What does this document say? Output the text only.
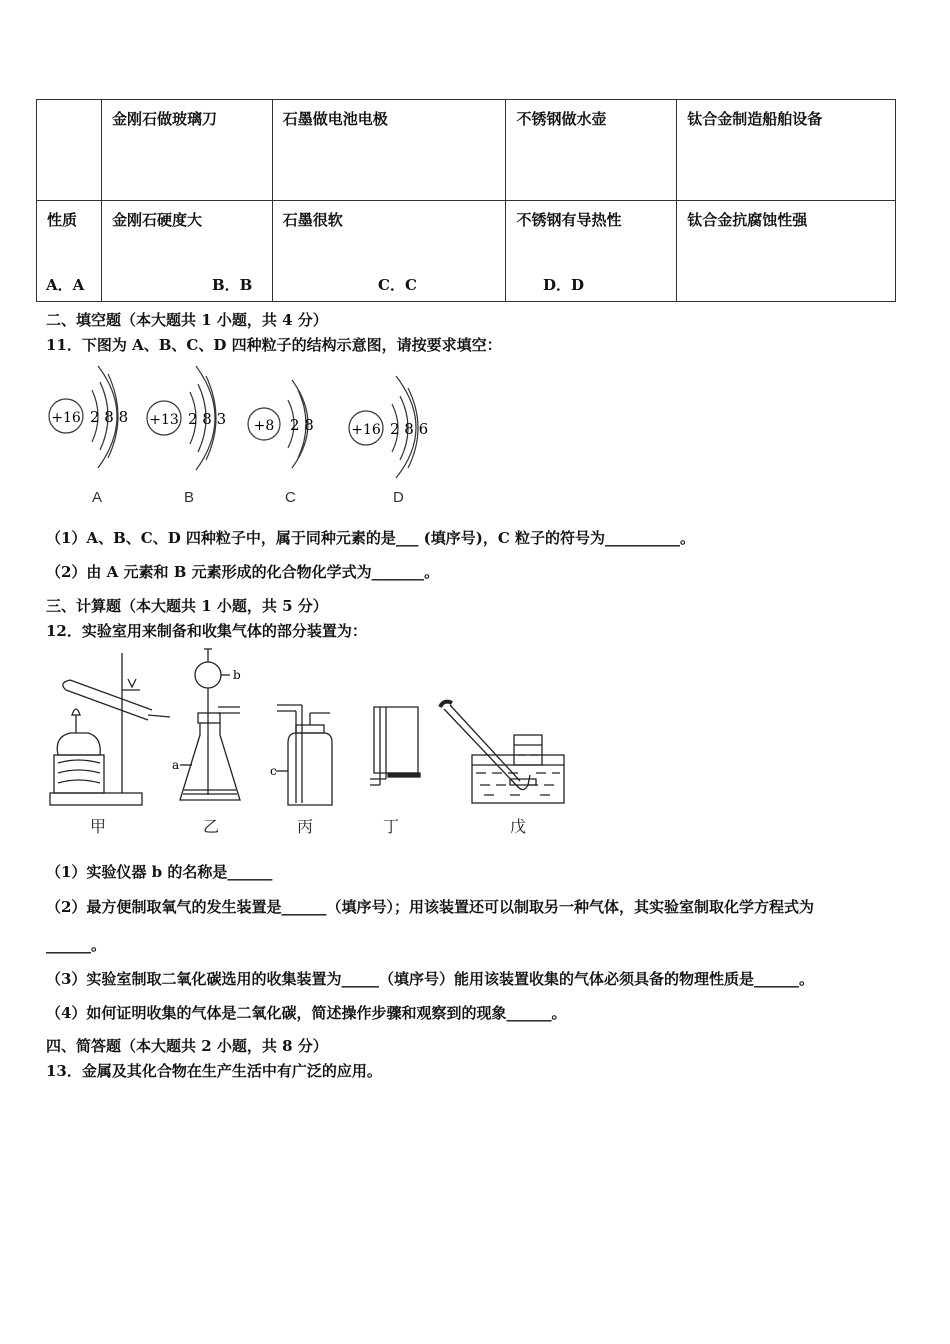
	金刚石做玻璃刀	石墨做电池电极	不锈钢做水壶	钛合金制造船舶设备
性质	金刚石硬度大	石墨很软	不锈钢有导热性	钛合金抗腐蚀性强
A．A	B．B	C．C	D．D
二、填空题（本大题共 1 小题，共 4 分）
11．下图为 A、B、C、D 四种粒子的结构示意图，请按要求填空：
+16 2 8 8 +13 2 8 3 +8 2 8	+16 2 8 6
A	B	C	D
（1）A、B、C、D 四种粒子中，属于同种元素的是___ (填序号)，C 粒子的符号为__________。
（2）由 A 元素和 B 元素形成的化合物化学式为_______。
三、计算题（本大题共 1 小题，共 5 分）
12．实验室用来制备和收集气体的部分装置为：
b
a	c
甲	乙	丙	丁	戊
（1）实验仪器 b 的名称是______
（2）最方便制取氧气的发生装置是______（填序号）；用该装置还可以制取另一种气体，其实验室制取化学方程式为
______。
（3）实验室制取二氧化碳选用的收集装置为_____（填序号）能用该装置收集的气体必须具备的物理性质是______。
（4）如何证明收集的气体是二氧化碳，简述操作步骤和观察到的现象______。
四、简答题（本大题共 2 小题，共 8 分）
13．金属及其化合物在生产生活中有广泛的应用。
